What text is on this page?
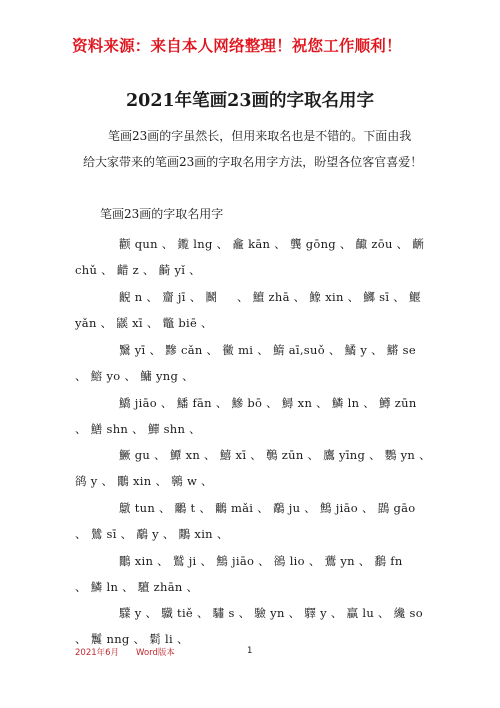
资料来源：来自本人网络整理！祝您工作顺利！
2021年笔画23画的字取名用字
笔画23画的字虽然长，但用来取名也是不错的。下面由我
给大家带来的笔画23画的字取名用字方法，盼望各位客官喜爱！
笔画23画的字取名用字
颧 qun 、 鑬 lng 、 龕 kān 、 龔 gōng 、 齱 zōu 、 齭
chǔ 、 齰 z 、 齮 yǐ 、
齯 n 、 齏 jī 、 鬭 　 、 鱣 zhā 、 鱌 xin 、 鱜 sī 、 鰋
yǎn 、 鼷 xī 、 鼈 biē 、
黳 yī 、 黲 cǎn 、 黴 mi 、 鰖 aī,suǒ 、 鱊 y 、 鱂 se
、 鰫 yo 、 鱅 yng 、
鱎 jiāo 、 鱕 fān 、 鰺 bō 、 鱘 xn 、 鱗 ln 、 鱒 zūn
、 鱔 shn 、 鱓 shn 、
鱖 gu 、 鱏 xn 、 鱚 xī 、 鷷 zūn 、 鷹 yīng 、 鸚 yn 、
鹆 y 、 鷳 xin 、 鸋 w 、
鷻 tun 、 鸍 t 、 鸍 mǎi 、 鷸 ju 、 鷦 jiāo 、 鵾 gāo
、 鷥 sī 、 鷸 y 、 鷴 xin 、
鷳 xin 、 鷲 ji 、 鷦 jiāo 、 鵒 lio 、 鷰 yn 、 鷭 fn
、 鱗 ln 、 驙 zhān 、
驜 y 、 驖 tiě 、 驌 s 、 驗 yn 、 驛 y 、 贏 lu 、 纔 so
、 鬞 nng 、 鬁 li 、
2021年6月　　Word版本	1
